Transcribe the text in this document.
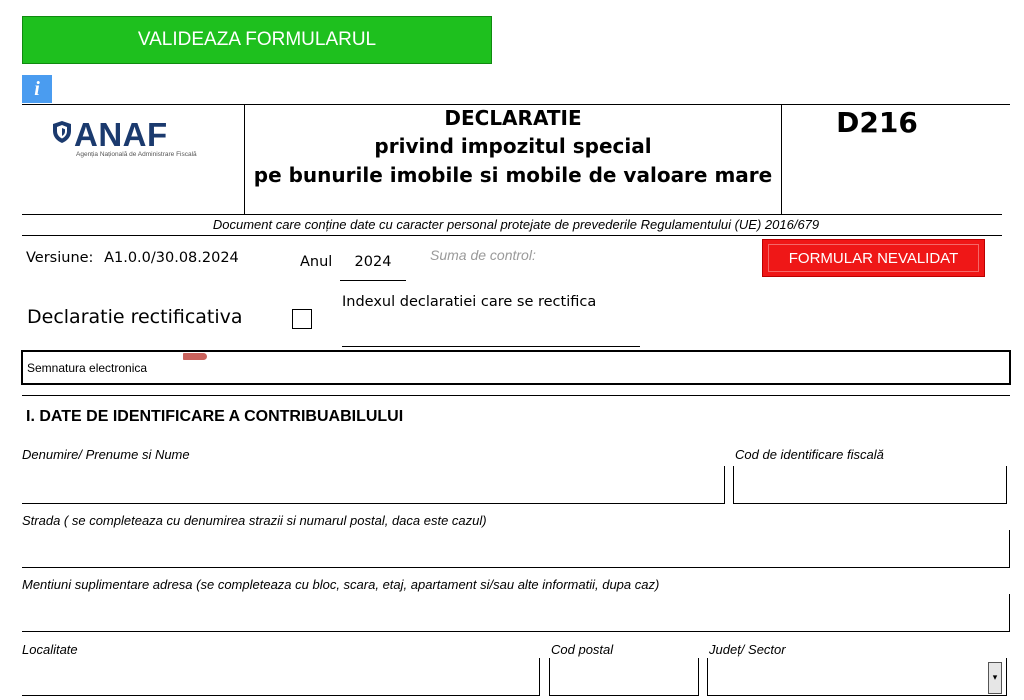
VALIDEAZA FORMULARUL
i
ANAF
Agenția Națională de Administrare Fiscală
DECLARATIE
privind impozitul special
pe bunurile imobile si mobile de valoare mare
D216
Document care conține date cu caracter personal protejate de prevederile Regulamentului (UE) 2016/679
Versiune: A1.0.0/30.08.2024	Anul	2024	Suma de control:	FORMULAR NEVALIDAT
Declaratie rectificativa
Indexul declaratiei care se rectifica
Semnatura electronica
I. DATE DE IDENTIFICARE A CONTRIBUABILULUI
Denumire/ Prenume si Nume	Cod de identificare fiscală
Strada ( se completeaza cu denumirea strazii si numarul postal, daca este cazul)
Mentiuni suplimentare adresa (se completeaza cu bloc, scara, etaj, apartament si/sau alte informatii, dupa caz)
Localitate	Cod postal	Județ/ Sector
▾
